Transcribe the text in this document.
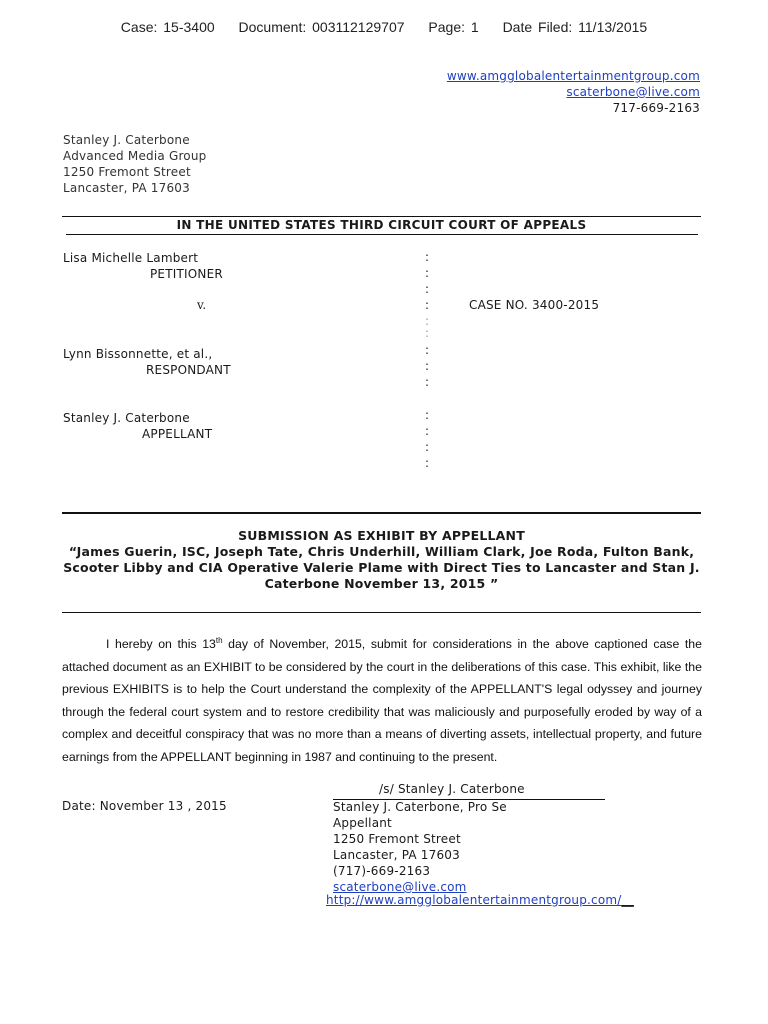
Case: 15-3400 Document: 003112129707 Page: 1 Date Filed: 11/13/2015
www.amgglobalentertainmentgroup.com
scaterbone@live.com
717-669-2163
Stanley J. Caterbone
Advanced Media Group
1250 Fremont Street
Lancaster, PA 17603
IN THE UNITED STATES THIRD CIRCUIT COURT OF APPEALS
Lisa Michelle Lambert
PETITIONER
Lynn Bissonnette, et al.,
RESPONDANT
Stanley J. Caterbone
APPELLANT
v.	CASE NO. 3400-2015
:
:
:
:
:
:
:
:
:
:
:
:
:
SUBMISSION AS EXHIBIT BY APPELLANT
“James Guerin, ISC, Joseph Tate, Chris Underhill, William Clark, Joe Roda, Fulton Bank,
Scooter Libby and CIA Operative Valerie Plame with Direct Ties to Lancaster and Stan J.
Caterbone November 13, 2015 ”
I hereby on this 13th day of November, 2015, submit for considerations in the above captioned case the attached document as an EXHIBIT to be considered by the court in the deliberations of this case. This exhibit, like the previous EXHIBITS is to help the Court understand the complexity of the APPELLANT'S legal odyssey and journey through the federal court system and to restore credibility that was maliciously and purposefully eroded by way of a complex and deceitful conspiracy that was no more than a means of diverting assets, intellectual property, and future earnings from the APPELLANT beginning in 1987 and continuing to the present.
/s/ Stanley J. Caterbone
Date: November 13 , 2015	Stanley J. Caterbone, Pro Se
Appellant
1250 Fremont Street
Lancaster, PA 17603
(717)-669-2163
scaterbone@live.com
http://www.amgglobalentertainmentgroup.com/__
